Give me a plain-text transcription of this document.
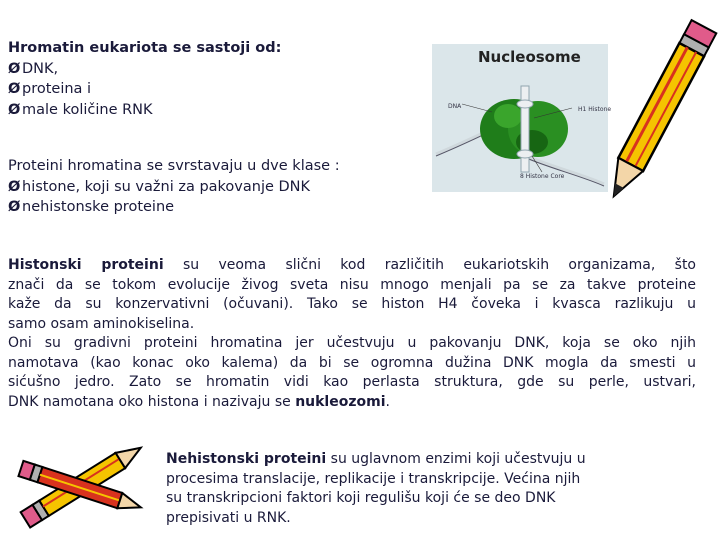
Hromatin eukariota se sastoji od:
Ø DNK,
Ø proteina i
Ø male količine RNK
Proteini hromatina se svrstavaju u dve klase :
Ø histone, koji su važni za pakovanje DNK
Ø nehistonske proteine
Nucleosome
DNA	H1 Histone
8 Histone Core
Histonski proteini su veoma slični kod različitih eukariotskih organizama, što
znači da se tokom evolucije živog sveta nisu mnogo menjali pa se za takve proteine
kaže da su konzervativni (očuvani). Tako se histon H4 čoveka i kvasca razlikuju u
samo osam aminokiselina.
Oni su gradivni proteini hromatina jer učestvuju u pakovanju DNK, koja se oko njih
namotava (kao konac oko kalema) da bi se ogromna dužina DNK mogla da smesti u
sićušno jedro. Zato se hromatin vidi kao perlasta struktura, gde su perle, ustvari,
DNK namotana oko histona i nazivaju se nukleozomi.
Nehistonski proteini su uglavnom enzimi koji učestvuju u
procesima translacije, replikacije i transkripcije. Većina njih
su transkripcioni faktori koji regulišu koji će se deo DNK
prepisivati u RNK.
